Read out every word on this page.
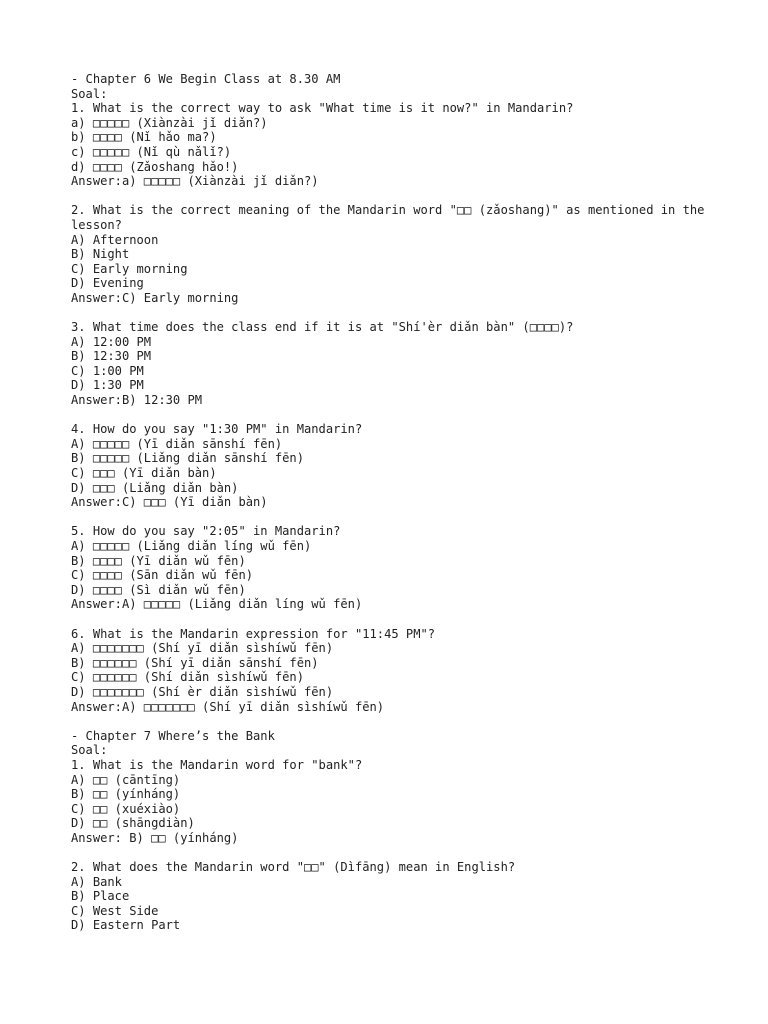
- Chapter 6 We Begin Class at 8.30 AM
Soal:
1. What is the correct way to ask "What time is it now?" in Mandarin?
a) □□□□□ (Xiànzài jǐ diǎn?)
b) □□□□ (Nǐ hǎo ma?)
c) □□□□□ (Nǐ qù nǎlǐ?)
d) □□□□ (Zǎoshang hǎo!)
Answer:a) □□□□□ (Xiànzài jǐ diǎn?)
2. What is the correct meaning of the Mandarin word "□□ (zǎoshang)" as mentioned in the lesson?
A) Afternoon
B) Night
C) Early morning
D) Evening
Answer:C) Early morning
3. What time does the class end if it is at "Shí'èr diǎn bàn" (□□□□)?
A) 12:00 PM
B) 12:30 PM
C) 1:00 PM
D) 1:30 PM
Answer:B) 12:30 PM
4. How do you say "1:30 PM" in Mandarin?
A) □□□□□ (Yī diǎn sānshí fēn)
B) □□□□□ (Liǎng diǎn sānshí fēn)
C) □□□ (Yī diǎn bàn)
D) □□□ (Liǎng diǎn bàn)
Answer:C) □□□ (Yī diǎn bàn)
5. How do you say "2:05" in Mandarin?
A) □□□□□ (Liǎng diǎn líng wǔ fēn)
B) □□□□ (Yī diǎn wǔ fēn)
C) □□□□ (Sān diǎn wǔ fēn)
D) □□□□ (Sì diǎn wǔ fēn)
Answer:A) □□□□□ (Liǎng diǎn líng wǔ fēn)
6. What is the Mandarin expression for "11:45 PM"?
A) □□□□□□□ (Shí yī diǎn sìshíwǔ fēn)
B) □□□□□□ (Shí yī diǎn sānshí fēn)
C) □□□□□□ (Shí diǎn sìshíwǔ fēn)
D) □□□□□□□ (Shí èr diǎn sìshíwǔ fēn)
Answer:A) □□□□□□□ (Shí yī diǎn sìshíwǔ fēn)
- Chapter 7 Where’s the Bank
Soal:
1. What is the Mandarin word for "bank"?
A) □□ (cāntīng)
B) □□ (yínháng)
C) □□ (xuéxiào)
D) □□ (shāngdiàn)
Answer: B) □□ (yínháng)
2. What does the Mandarin word "□□" (Dìfāng) mean in English?
A) Bank
B) Place
C) West Side
D) Eastern Part
